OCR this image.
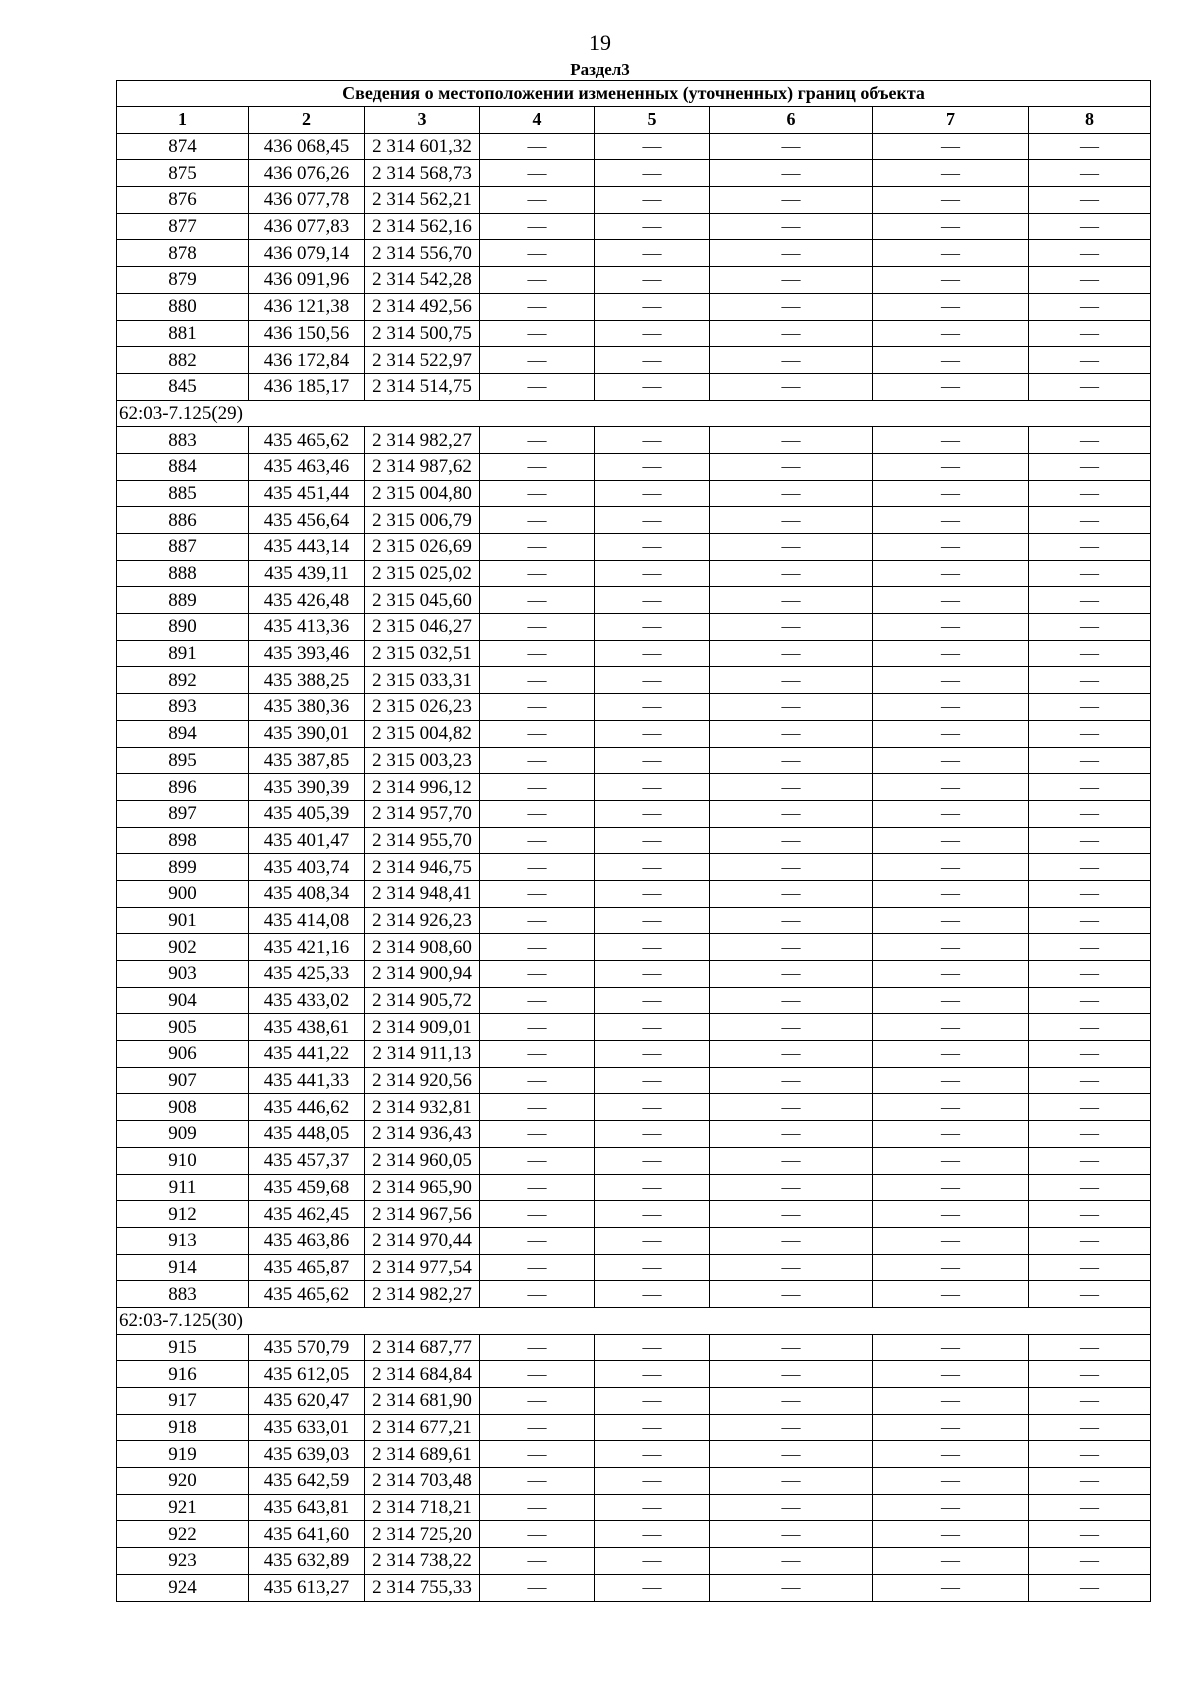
19
Раздел3
Сведения о местоположении измененных (уточненных) границ объекта							
1	2	3	4	5	6	7	8
874	436 068,45	2 314 601,32	—	—	—	—	—
875	436 076,26	2 314 568,73	—	—	—	—	—
876	436 077,78	2 314 562,21	—	—	—	—	—
877	436 077,83	2 314 562,16	—	—	—	—	—
878	436 079,14	2 314 556,70	—	—	—	—	—
879	436 091,96	2 314 542,28	—	—	—	—	—
880	436 121,38	2 314 492,56	—	—	—	—	—
881	436 150,56	2 314 500,75	—	—	—	—	—
882	436 172,84	2 314 522,97	—	—	—	—	—
845	436 185,17	2 314 514,75	—	—	—	—	—
62:03-7.125(29)							
883	435 465,62	2 314 982,27	—	—	—	—	—
884	435 463,46	2 314 987,62	—	—	—	—	—
885	435 451,44	2 315 004,80	—	—	—	—	—
886	435 456,64	2 315 006,79	—	—	—	—	—
887	435 443,14	2 315 026,69	—	—	—	—	—
888	435 439,11	2 315 025,02	—	—	—	—	—
889	435 426,48	2 315 045,60	—	—	—	—	—
890	435 413,36	2 315 046,27	—	—	—	—	—
891	435 393,46	2 315 032,51	—	—	—	—	—
892	435 388,25	2 315 033,31	—	—	—	—	—
893	435 380,36	2 315 026,23	—	—	—	—	—
894	435 390,01	2 315 004,82	—	—	—	—	—
895	435 387,85	2 315 003,23	—	—	—	—	—
896	435 390,39	2 314 996,12	—	—	—	—	—
897	435 405,39	2 314 957,70	—	—	—	—	—
898	435 401,47	2 314 955,70	—	—	—	—	—
899	435 403,74	2 314 946,75	—	—	—	—	—
900	435 408,34	2 314 948,41	—	—	—	—	—
901	435 414,08	2 314 926,23	—	—	—	—	—
902	435 421,16	2 314 908,60	—	—	—	—	—
903	435 425,33	2 314 900,94	—	—	—	—	—
904	435 433,02	2 314 905,72	—	—	—	—	—
905	435 438,61	2 314 909,01	—	—	—	—	—
906	435 441,22	2 314 911,13	—	—	—	—	—
907	435 441,33	2 314 920,56	—	—	—	—	—
908	435 446,62	2 314 932,81	—	—	—	—	—
909	435 448,05	2 314 936,43	—	—	—	—	—
910	435 457,37	2 314 960,05	—	—	—	—	—
911	435 459,68	2 314 965,90	—	—	—	—	—
912	435 462,45	2 314 967,56	—	—	—	—	—
913	435 463,86	2 314 970,44	—	—	—	—	—
914	435 465,87	2 314 977,54	—	—	—	—	—
883	435 465,62	2 314 982,27	—	—	—	—	—
62:03-7.125(30)							
915	435 570,79	2 314 687,77	—	—	—	—	—
916	435 612,05	2 314 684,84	—	—	—	—	—
917	435 620,47	2 314 681,90	—	—	—	—	—
918	435 633,01	2 314 677,21	—	—	—	—	—
919	435 639,03	2 314 689,61	—	—	—	—	—
920	435 642,59	2 314 703,48	—	—	—	—	—
921	435 643,81	2 314 718,21	—	—	—	—	—
922	435 641,60	2 314 725,20	—	—	—	—	—
923	435 632,89	2 314 738,22	—	—	—	—	—
924	435 613,27	2 314 755,33	—	—	—	—	—
